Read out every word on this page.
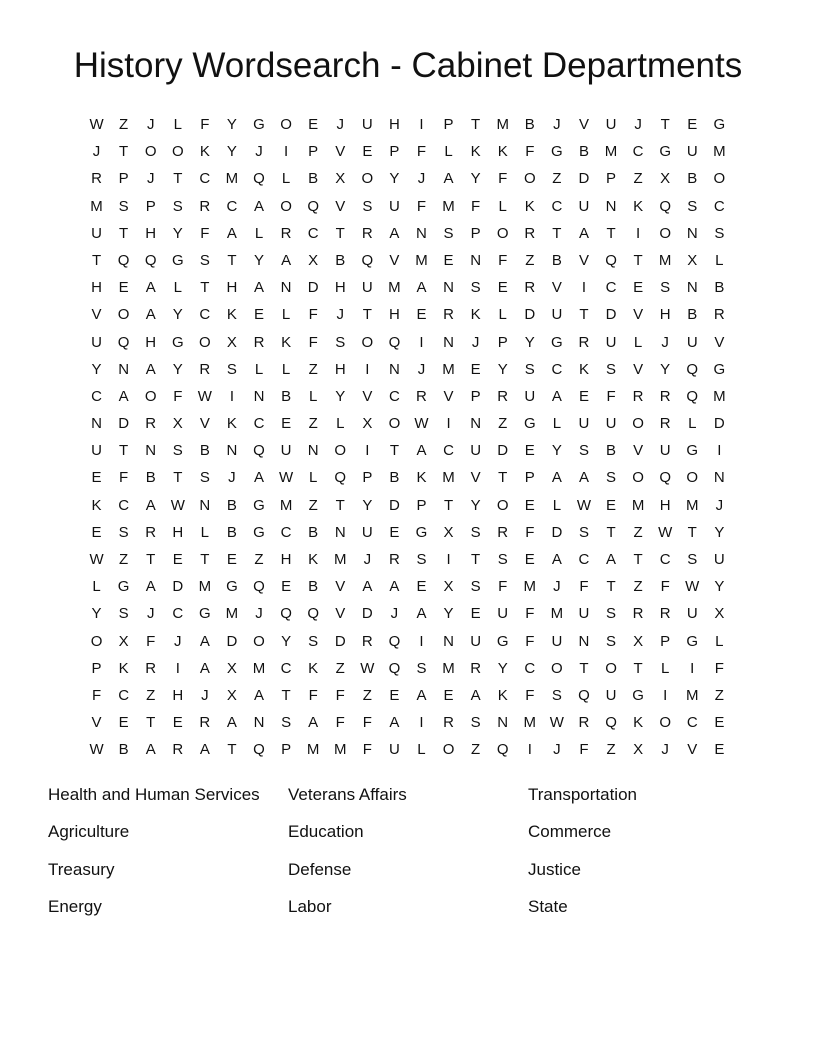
History Wordsearch - Cabinet Departments
W	Z	J	L	F	Y	G	O	E	J	U	H	I	P	T	M	B	J	V	U	J	T	E	G
J	T	O	O	K	Y	J	I	P	V	E	P	F	L	K	K	F	G	B	M	C	G	U	M
R	P	J	T	C	M	Q	L	B	X	O	Y	J	A	Y	F	O	Z	D	P	Z	X	B	O
M	S	P	S	R	C	A	O	Q	V	S	U	F	M	F	L	K	C	U	N	K	Q	S	C
U	T	H	Y	F	A	L	R	C	T	R	A	N	S	P	O	R	T	A	T	I	O	N	S
T	Q	Q	G	S	T	Y	A	X	B	Q	V	M	E	N	F	Z	B	V	Q	T	M	X	L
H	E	A	L	T	H	A	N	D	H	U	M	A	N	S	E	R	V	I	C	E	S	N	B
V	O	A	Y	C	K	E	L	F	J	T	H	E	R	K	L	D	U	T	D	V	H	B	R
U	Q	H	G	O	X	R	K	F	S	O	Q	I	N	J	P	Y	G	R	U	L	J	U	V
Y	N	A	Y	R	S	L	L	Z	H	I	N	J	M	E	Y	S	C	K	S	V	Y	Q	G
C	A	O	F	W	I	N	B	L	Y	V	C	R	V	P	R	U	A	E	F	R	R	Q M
N	D	R	X	V	K	C	E	Z	L	X	O W	I	N	Z	G	L	U	U	O	R	L	D
U	T	N	S	B	N	Q	U	N	O	I	T	A	C	U	D	E	Y	S	B	V	U	G	I
E	F	B	T	S	J	A W	L	Q	P	B	K	M	V	T	P	A	A	S	O	Q	O	N
K	C	A W N	B	G M	Z	T	Y	D	P	T	Y	O	E	L	W E	M	H	M	J
E	S	R	H	L	B	G	C	B	N	U	E	G	X	S	R	F	D	S	T	Z	W	T	Y
W	Z	T	E	T	E	Z	H	K	M	J	R	S	I	T	S	E	A	C	A	T	C	S	U
L	G	A	D	M	G	Q	E	B	V	A	A	E	X	S	F	M	J	F	T	Z	F	W Y
Y	S	J	C	G M	J	Q	Q	V	D	J	A	Y	E	U	F	M	U	S	R	R	U	X
O	X	F	J	A	D	O	Y	S	D	R	Q	I	N	U	G	F	U	N	S	X	P	G	L
P	K	R	I	A	X	M	C	K	Z	W Q	S	M	R	Y	C	O	T	O	T	L	I	F
F	C	Z	H	J	X	A	T	F	F	Z	E	A	E	A	K	F	S	Q	U	G	I	M	Z
V	E	T	E	R	A	N	S	A	F	F	A	I	R	S	N	M W R	Q	K	O	C	E
W B	A	R	A	T	Q	P	M M	F	U	L	O	Z	Q	I	J	F	Z	X	J	V	E
Health and Human Services	Veterans Affairs	Transportation
Agriculture	Education	Commerce
Treasury	Defense	Justice
Energy	Labor	State
